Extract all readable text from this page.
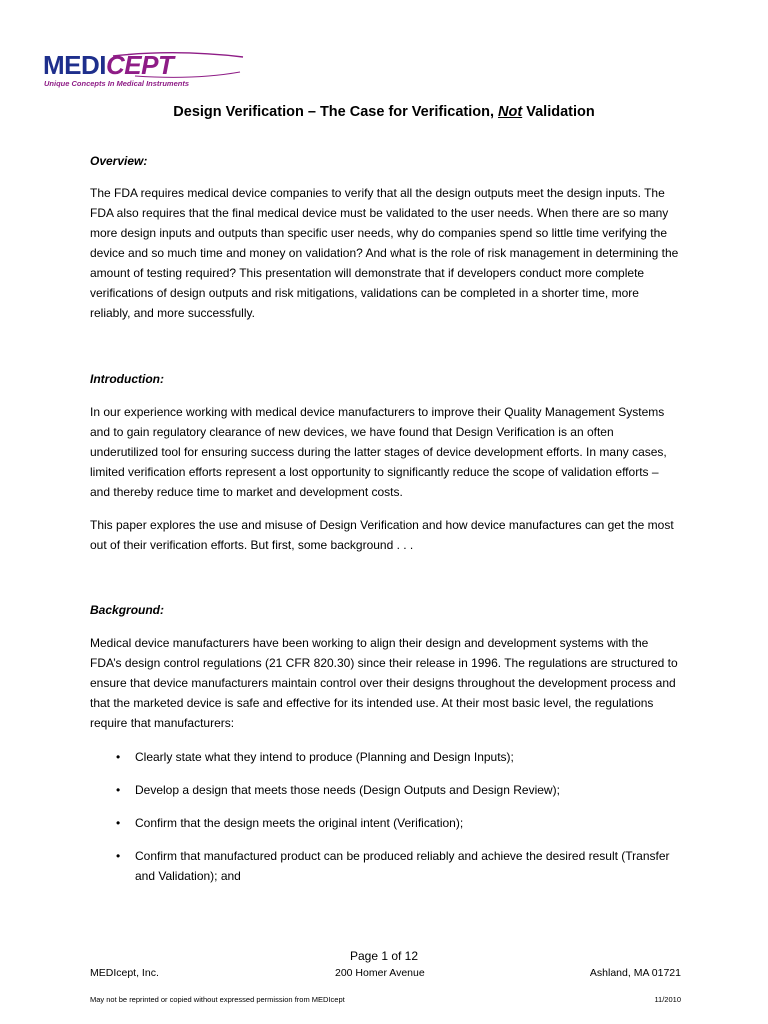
MEDICEPT
Unique Concepts In Medical Instruments
Design Verification – The Case for Verification, Not Validation
Overview:

The FDA requires medical device companies to verify that all the design outputs meet the design inputs. The FDA also requires that the final medical device must be validated to the user needs. When there are so many more design inputs and outputs than specific user needs, why do companies spend so little time verifying the device and so much time and money on validation? And what is the role of risk management in determining the amount of testing required? This presentation will demonstrate that if developers conduct more complete verifications of design outputs and risk mitigations, validations can be completed in a shorter time, more reliably, and more successfully.

Introduction:

In our experience working with medical device manufacturers to improve their Quality Management Systems and to gain regulatory clearance of new devices, we have found that Design Verification is an often underutilized tool for ensuring success during the latter stages of device development efforts. In many cases, limited verification efforts represent a lost opportunity to significantly reduce the scope of validation efforts – and thereby reduce time to market and development costs.

This paper explores the use and misuse of Design Verification and how device manufactures can get the most out of their verification efforts. But first, some background . . .

Background:

Medical device manufacturers have been working to align their design and development systems with the FDA’s design control regulations (21 CFR 820.30) since their release in 1996. The regulations are structured to ensure that device manufacturers maintain control over their designs throughout the development process and that the marketed device is safe and effective for its intended use. At their most basic level, the regulations require that manufacturers:

• Clearly state what they intend to produce (Planning and Design Inputs);
• Develop a design that meets those needs (Design Outputs and Design Review);
• Confirm that the design meets the original intent (Verification);
• Confirm that manufactured product can be produced reliably and achieve the desired result (Transfer and Validation); and
Page 1 of 12
MEDIcept, Inc.	200 Homer Avenue	Ashland, MA 01721
May not be reprinted or copied without expressed permission from MEDIcept	11/2010
